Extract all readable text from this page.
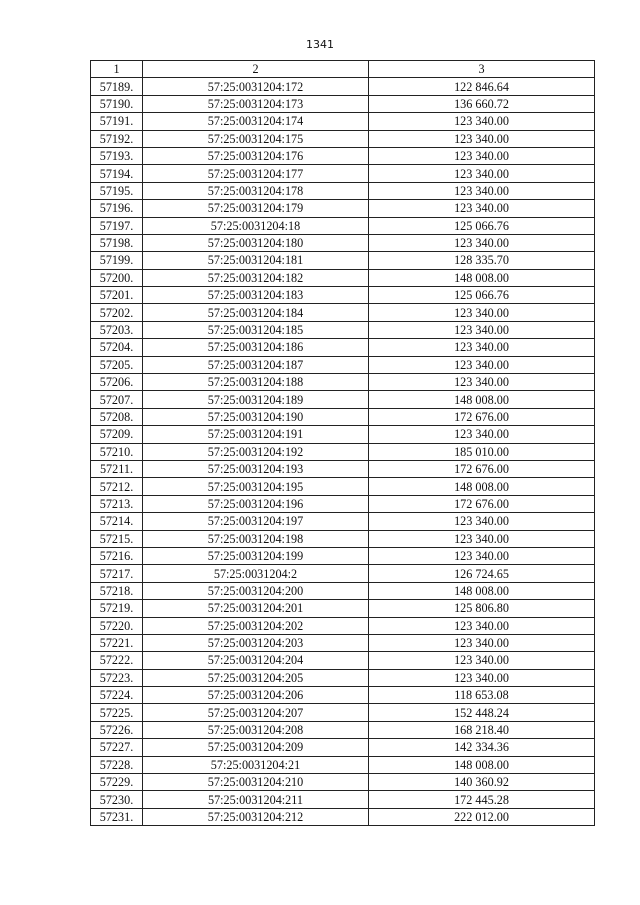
1341
1	2	3
57189.	57:25:0031204:172	122 846.64
57190.	57:25:0031204:173	136 660.72
57191.	57:25:0031204:174	123 340.00
57192.	57:25:0031204:175	123 340.00
57193.	57:25:0031204:176	123 340.00
57194.	57:25:0031204:177	123 340.00
57195.	57:25:0031204:178	123 340.00
57196.	57:25:0031204:179	123 340.00
57197.	57:25:0031204:18	125 066.76
57198.	57:25:0031204:180	123 340.00
57199.	57:25:0031204:181	128 335.70
57200.	57:25:0031204:182	148 008.00
57201.	57:25:0031204:183	125 066.76
57202.	57:25:0031204:184	123 340.00
57203.	57:25:0031204:185	123 340.00
57204.	57:25:0031204:186	123 340.00
57205.	57:25:0031204:187	123 340.00
57206.	57:25:0031204:188	123 340.00
57207.	57:25:0031204:189	148 008.00
57208.	57:25:0031204:190	172 676.00
57209.	57:25:0031204:191	123 340.00
57210.	57:25:0031204:192	185 010.00
57211.	57:25:0031204:193	172 676.00
57212.	57:25:0031204:195	148 008.00
57213.	57:25:0031204:196	172 676.00
57214.	57:25:0031204:197	123 340.00
57215.	57:25:0031204:198	123 340.00
57216.	57:25:0031204:199	123 340.00
57217.	57:25:0031204:2	126 724.65
57218.	57:25:0031204:200	148 008.00
57219.	57:25:0031204:201	125 806.80
57220.	57:25:0031204:202	123 340.00
57221.	57:25:0031204:203	123 340.00
57222.	57:25:0031204:204	123 340.00
57223.	57:25:0031204:205	123 340.00
57224.	57:25:0031204:206	118 653.08
57225.	57:25:0031204:207	152 448.24
57226.	57:25:0031204:208	168 218.40
57227.	57:25:0031204:209	142 334.36
57228.	57:25:0031204:21	148 008.00
57229.	57:25:0031204:210	140 360.92
57230.	57:25:0031204:211	172 445.28
57231.	57:25:0031204:212	222 012.00
